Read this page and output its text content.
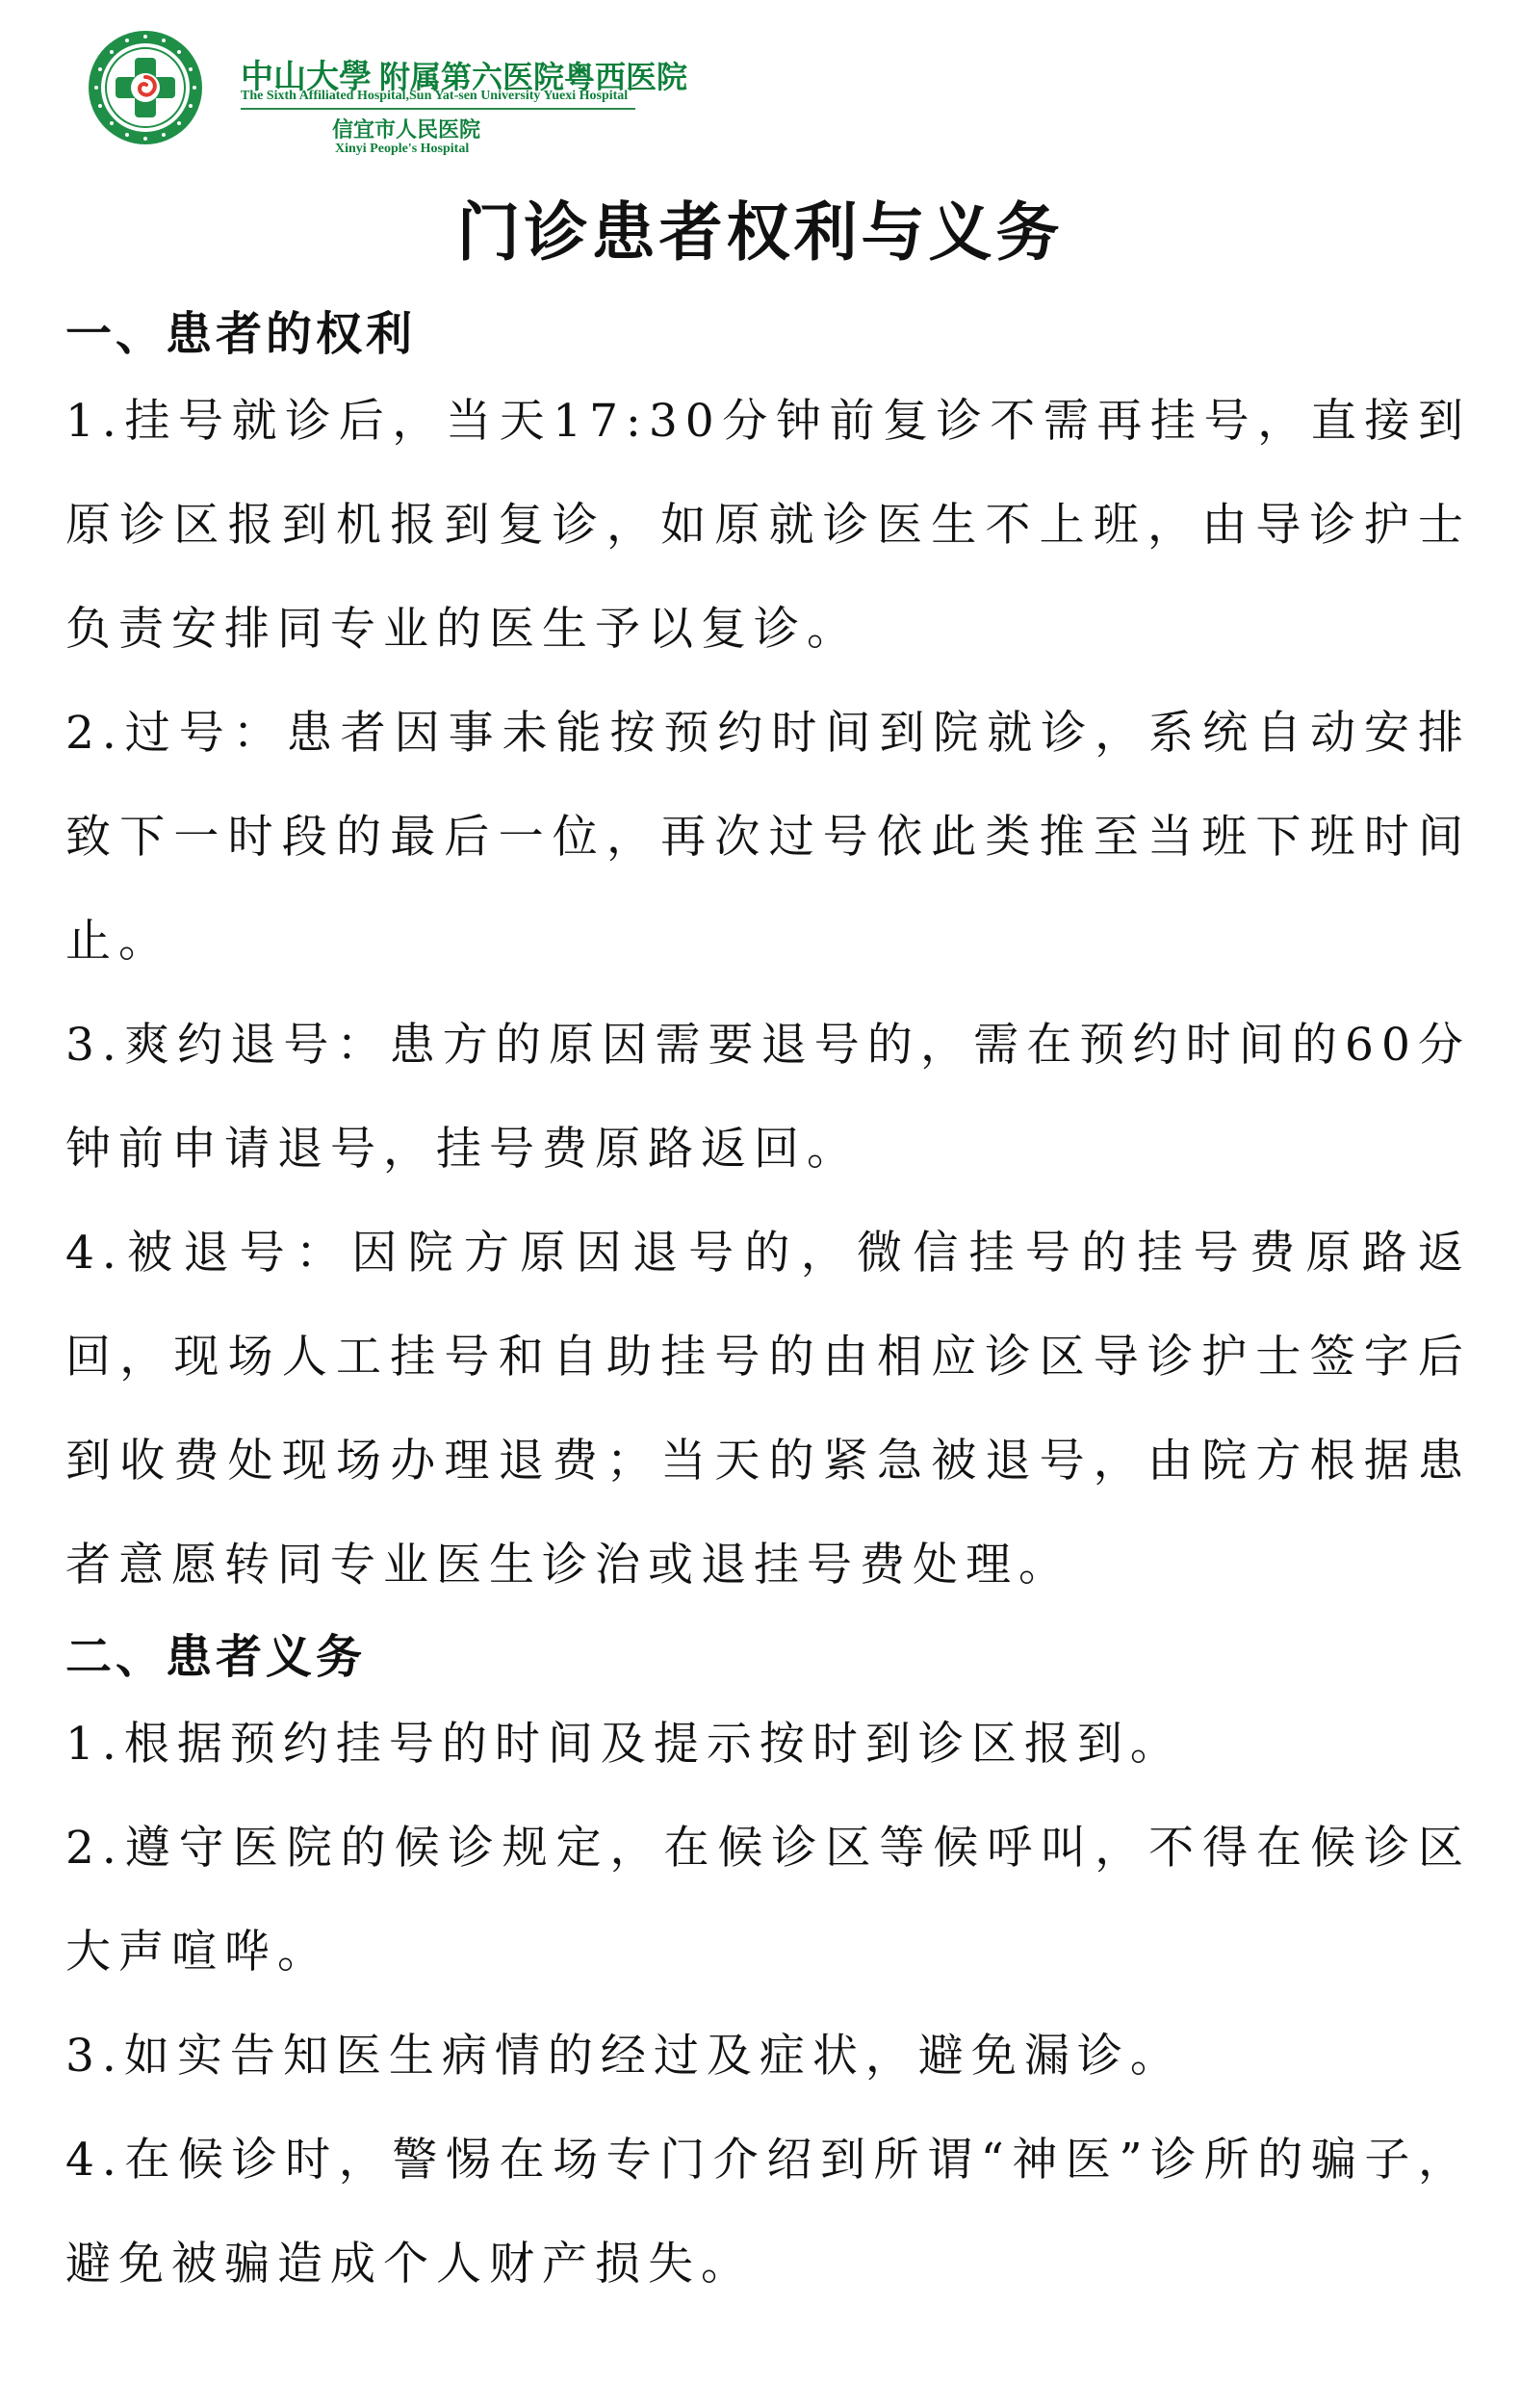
中山大學 附属第六医院粤西医院
The Sixth Affiliated Hospital,Sun Yat-sen University Yuexi Hospital
信宜市人民医院
Xinyi People's Hospital
门诊患者权利与义务

一、患者的权利

1.挂号就诊后，当天17:30分钟前复诊不需再挂号，直接到原诊区报到机报到复诊，如原就诊医生不上班，由导诊护士负责安排同专业的医生予以复诊。

2.过号：患者因事未能按预约时间到院就诊，系统自动安排致下一时段的最后一位，再次过号依此类推至当班下班时间止。

3.爽约退号：患方的原因需要退号的，需在预约时间的60分钟前申请退号，挂号费原路返回。

4.被退号：因院方原因退号的，微信挂号的挂号费原路返回，现场人工挂号和自助挂号的由相应诊区导诊护士签字后到收费处现场办理退费；当天的紧急被退号，由院方根据患者意愿转同专业医生诊治或退挂号费处理。

二、患者义务

1.根据预约挂号的时间及提示按时到诊区报到。

2.遵守医院的候诊规定，在候诊区等候呼叫，不得在候诊区大声喧哗。

3.如实告知医生病情的经过及症状，避免漏诊。

4.在候诊时，警惕在场专门介绍到所谓“神医”诊所的骗子，避免被骗造成个人财产损失。
